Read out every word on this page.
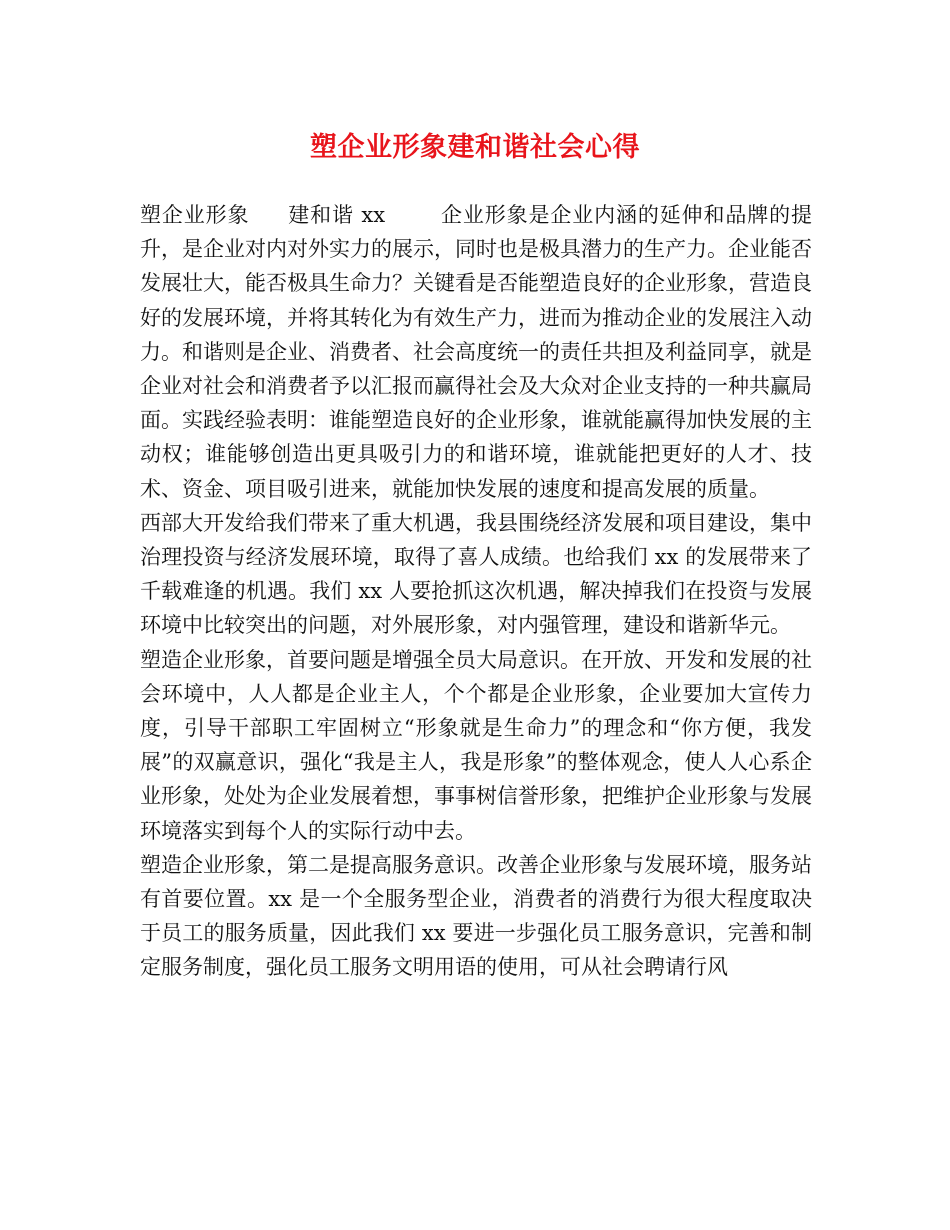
塑企业形象建和谐社会心得

塑企业形象 建和谐 xx	企业形象是企业内涵的延伸和品牌的提升，是企业对内对外实力的展示，同时也是极具潜力的生产力。企业能否发展壮大，能否极具生命力？关键看是否能塑造良好的企业形象，营造良好的发展环境，并将其转化为有效生产力，进而为推动企业的发展注入动力。和谐则是企业、消费者、社会高度统一的责任共担及利益同享，就是企业对社会和消费者予以汇报而赢得社会及大众对企业支持的一种共赢局面。实践经验表明：谁能塑造良好的企业形象，谁就能赢得加快发展的主动权；谁能够创造出更具吸引力的和谐环境，谁就能把更好的人才、技术、资金、项目吸引进来，就能加快发展的速度和提高发展的质量。

西部大开发给我们带来了重大机遇，我县围绕经济发展和项目建设，集中治理投资与经济发展环境，取得了喜人成绩。也给我们 xx 的发展带来了千载难逢的机遇。我们 xx 人要抢抓这次机遇，解决掉我们在投资与发展环境中比较突出的问题，对外展形象，对内强管理，建设和谐新华元。

塑造企业形象，首要问题是增强全员大局意识。在开放、开发和发展的社会环境中，人人都是企业主人，个个都是企业形象，企业要加大宣传力度，引导干部职工牢固树立“形象就是生命力”的理念和“你方便，我发展”的双赢意识，强化“我是主人，我是形象”的整体观念，使人人心系企业形象，处处为企业发展着想，事事树信誉形象，把维护企业形象与发展环境落实到每个人的实际行动中去。

塑造企业形象，第二是提高服务意识。改善企业形象与发展环境，服务站有首要位置。xx 是一个全服务型企业，消费者的消费行为很大程度取决于员工的服务质量，因此我们 xx 要进一步强化员工服务意识，完善和制定服务制度，强化员工服务文明用语的使用，可从社会聘请行风
